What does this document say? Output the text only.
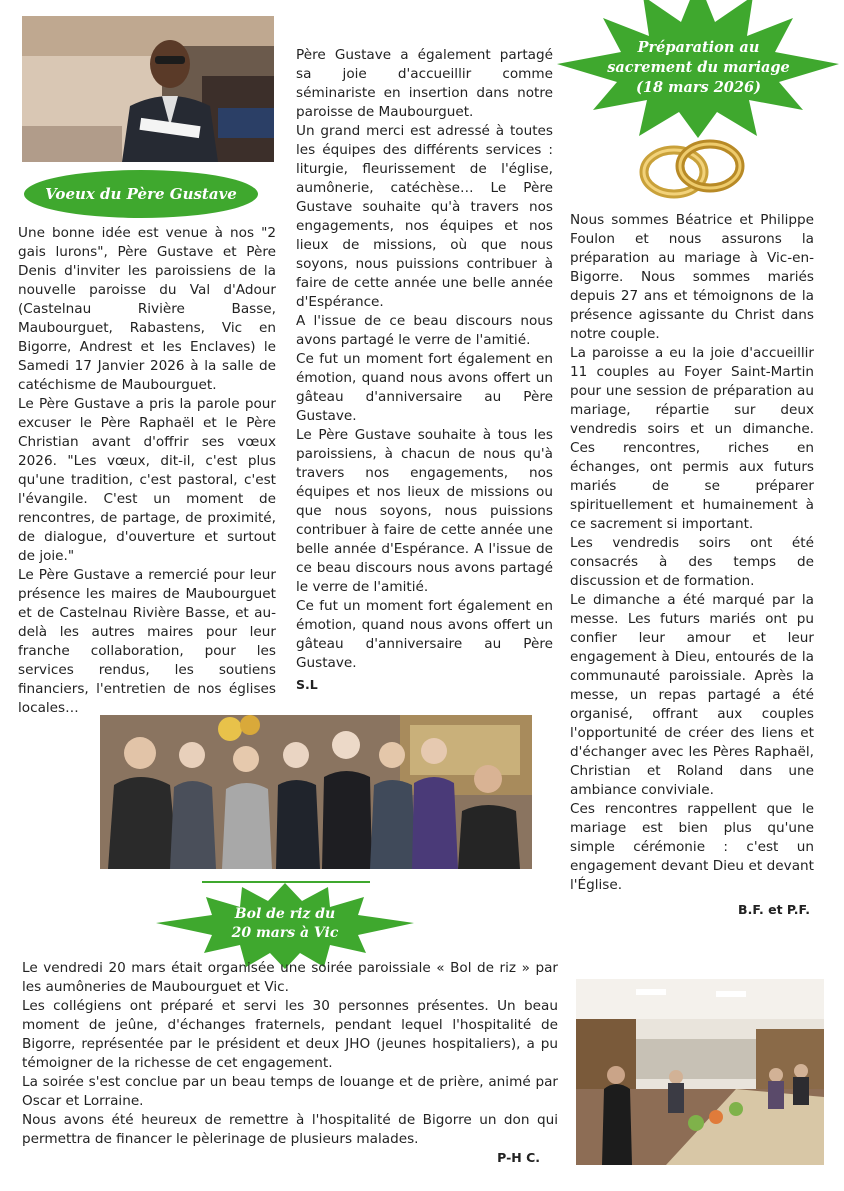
Voeux du Père Gustave

Une bonne idée est venue à nos "2 gais lurons", Père Gustave et Père Denis d'inviter les paroissiens de la nouvelle paroisse du Val d'Adour (Castelnau Rivière Basse, Maubourguet, Rabastens, Vic en Bigorre, Andrest et les Enclaves) le Samedi 17 Janvier 2026 à la salle de catéchisme de Maubourguet.

Le Père Gustave a pris la parole pour excuser le Père Raphaël et le Père Christian avant d'offrir ses vœux 2026. "Les vœux, dit-il, c'est plus qu'une tradition, c'est pastoral, c'est l'évangile. C'est un moment de rencontres, de partage, de proximité, de dialogue, d'ouverture et surtout de joie."

Le Père Gustave a remercié pour leur présence les maires de Maubourguet et de Castelnau Rivière Basse, et au-delà les autres maires pour leur franche collaboration, pour les services rendus, les soutiens financiers, l'entretien de nos églises locales…

Père Gustave a également partagé sa joie d'accueillir comme séminariste en insertion dans notre paroisse de Maubourguet.

Un grand merci est adressé à toutes les équipes des différents services : liturgie, fleurissement de l'église, aumônerie, catéchèse… Le Père Gustave souhaite qu'à travers nos engagements, nos équipes et nos lieux de missions, où que nous soyons, nous puissions contribuer à faire de cette année une belle année d'Espérance.

A l'issue de ce beau discours nous avons partagé le verre de l'amitié.

Ce fut un moment fort également en émotion, quand nous avons offert un gâteau d'anniversaire au Père Gustave.

Le Père Gustave souhaite à tous les paroissiens, à chacun de nous qu'à travers nos engagements, nos équipes et nos lieux de missions ou que nous soyons, nous puissions contribuer à faire de cette année une belle année d'Espérance. A l'issue de ce beau discours nous avons partagé le verre de l'amitié.

Ce fut un moment fort également en émotion, quand nous avons offert un gâteau d'anniversaire au Père Gustave.

S.L

Préparation au
sacrement du mariage
(18 mars 2026)

Nous sommes Béatrice et Philippe Foulon et nous assurons la préparation au mariage à Vic-en-Bigorre. Nous sommes mariés depuis 27 ans et témoignons de la présence agissante du Christ dans notre couple.

La paroisse a eu la joie d'accueillir 11 couples au Foyer Saint-Martin pour une session de préparation au mariage, répartie sur deux vendredis soirs et un dimanche. Ces rencontres, riches en échanges, ont permis aux futurs mariés de se préparer spirituellement et humainement à ce sacrement si important.

Les vendredis soirs ont été consacrés à des temps de discussion et de formation.

Le dimanche a été marqué par la messe. Les futurs mariés ont pu confier leur amour et leur engagement à Dieu, entourés de la communauté paroissiale. Après la messe, un repas partagé a été organisé, offrant aux couples l'opportunité de créer des liens et d'échanger avec les Pères Raphaël, Christian et Roland dans une ambiance conviviale.

Ces rencontres rappellent que le mariage est bien plus qu'une simple cérémonie : c'est un engagement devant Dieu et devant l'Église.

B.F. et P.F.
Bol de riz du
20 mars à Vic

Le vendredi 20 mars était organisée une soirée paroissiale « Bol de riz » par les aumôneries de Maubourguet et Vic.

Les collégiens ont préparé et servi les 30 personnes présentes. Un beau moment de jeûne, d'échanges fraternels, pendant lequel l'hospitalité de Bigorre, représentée par le président et deux JHO (jeunes hospitaliers), a pu témoigner de la richesse de cet engagement.

La soirée s'est conclue par un beau temps de louange et de prière, animé par Oscar et Lorraine.

Nous avons été heureux de remettre à l'hospitalité de Bigorre un don qui permettra de financer le pèlerinage de plusieurs malades.

P-H C.
